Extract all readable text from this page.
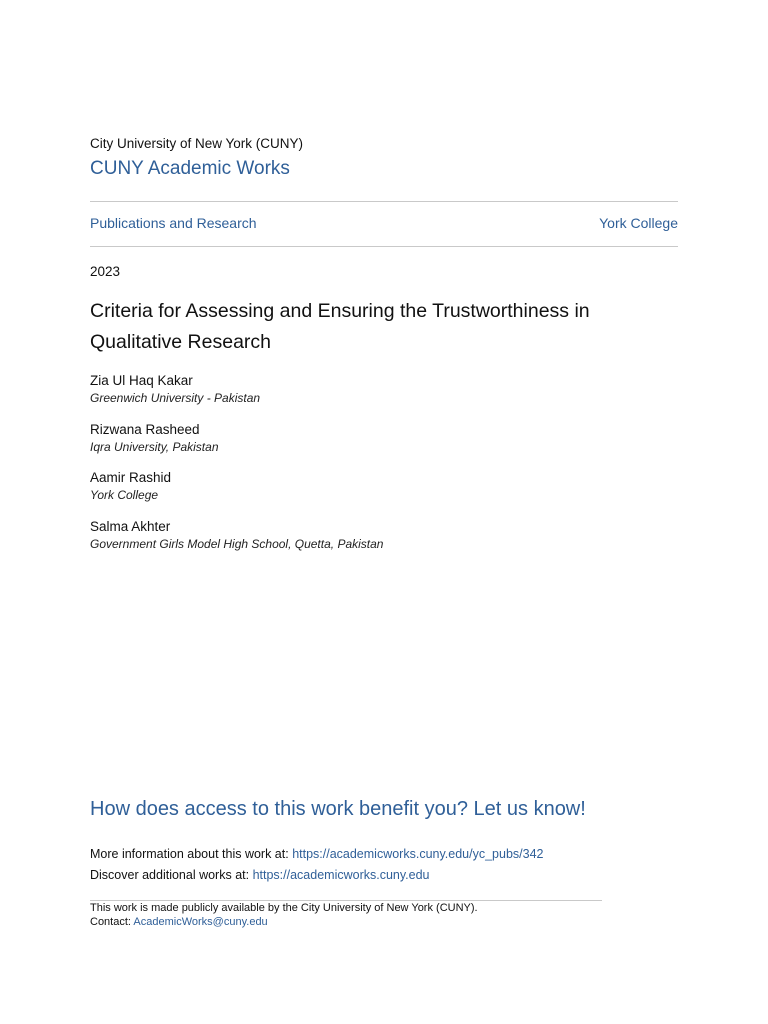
City University of New York (CUNY)
CUNY Academic Works
Publications and Research	York College
2023
Criteria for Assessing and Ensuring the Trustworthiness in Qualitative Research
Zia Ul Haq Kakar
Greenwich University - Pakistan
Rizwana Rasheed
Iqra University, Pakistan
Aamir Rashid
York College
Salma Akhter
Government Girls Model High School, Quetta, Pakistan
How does access to this work benefit you? Let us know!
More information about this work at: https://academicworks.cuny.edu/yc_pubs/342
Discover additional works at: https://academicworks.cuny.edu
This work is made publicly available by the City University of New York (CUNY).
Contact: AcademicWorks@cuny.edu
